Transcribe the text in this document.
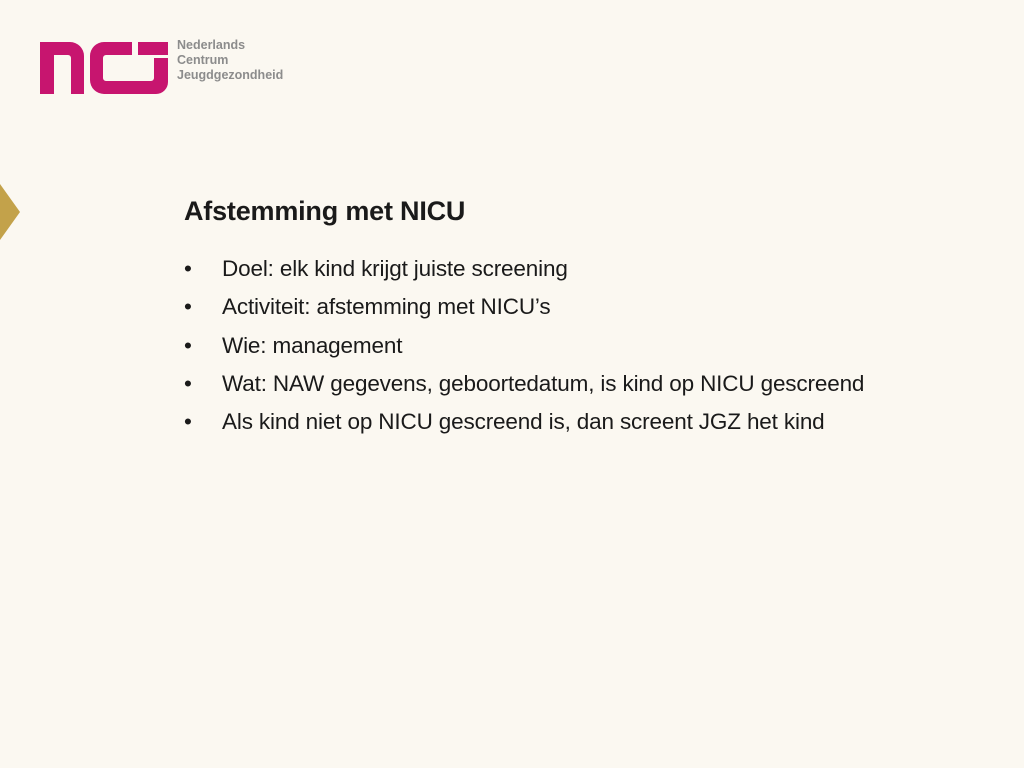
Nederlands
Centrum
Jeugdgezondheid
Afstemming met NICU
•	Doel: elk kind krijgt juiste screening
•	Activiteit: afstemming met NICU’s
•	Wie: management
•	Wat: NAW gegevens, geboortedatum, is kind op NICU gescreend
•	Als kind niet op NICU gescreend is, dan screent JGZ het kind
